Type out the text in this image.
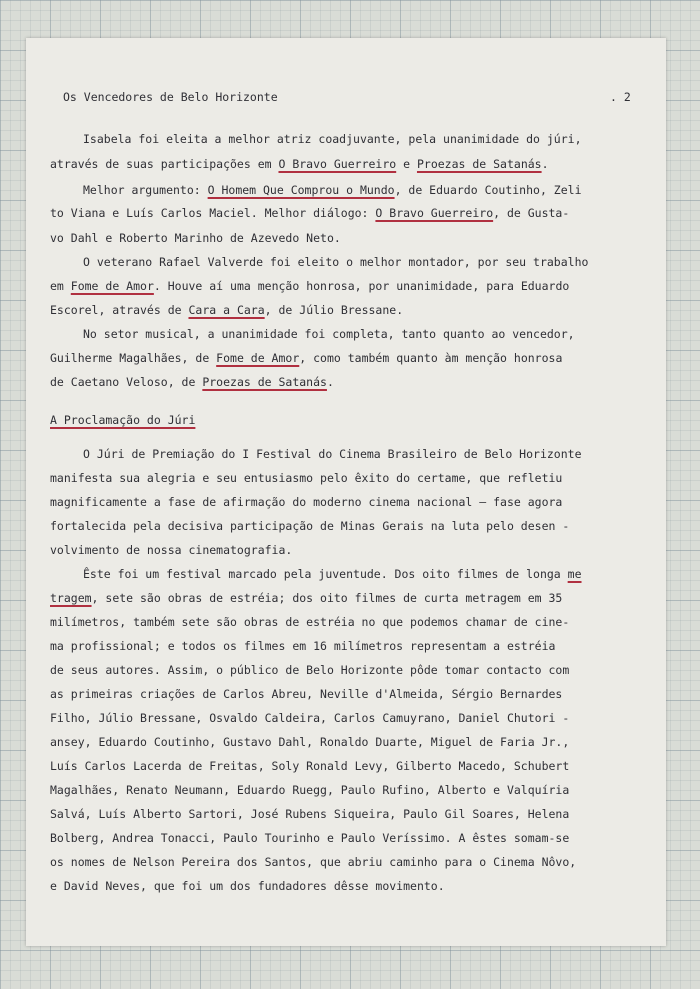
Os Vencedores de Belo Horizonte	. 2
Isabela foi eleita a melhor atriz coadjuvante, pela unanimidade do júri,
através de suas participações em O Bravo Guerreiro e Proezas de Satanás.
Melhor argumento: O Homem Que Comprou o Mundo, de Eduardo Coutinho, Zeli
to Viana e Luís Carlos Maciel. Melhor diálogo: O Bravo Guerreiro, de Gusta-
vo Dahl e Roberto Marinho de Azevedo Neto.
O veterano Rafael Valverde foi eleito o melhor montador, por seu trabalho
em Fome de Amor. Houve aí uma menção honrosa, por unanimidade, para Eduardo
Escorel, através de Cara a Cara, de Júlio Bressane.
No setor musical, a unanimidade foi completa, tanto quanto ao vencedor,
Guilherme Magalhães, de Fome de Amor, como também quanto àm menção honrosa
de Caetano Veloso, de Proezas de Satanás.
A Proclamação do Júri
O Júri de Premiação do I Festival do Cinema Brasileiro de Belo Horizonte
manifesta sua alegria e seu entusiasmo pelo êxito do certame, que refletiu
magnificamente a fase de afirmação do moderno cinema nacional — fase agora
fortalecida pela decisiva participação de Minas Gerais na luta pelo desen -
volvimento de nossa cinematografia.
Êste foi um festival marcado pela juventude. Dos oito filmes de longa me
tragem, sete são obras de estréia; dos oito filmes de curta metragem em 35
milímetros, também sete são obras de estréia no que podemos chamar de cine-
ma profissional; e todos os filmes em 16 milímetros representam a estréia
de seus autores. Assim, o público de Belo Horizonte pôde tomar contacto com
as primeiras criações de Carlos Abreu, Neville d'Almeida, Sérgio Bernardes
Filho, Júlio Bressane, Osvaldo Caldeira, Carlos Camuyrano, Daniel Chutori -
ansey, Eduardo Coutinho, Gustavo Dahl, Ronaldo Duarte, Miguel de Faria Jr.,
Luís Carlos Lacerda de Freitas, Soly Ronald Levy, Gilberto Macedo, Schubert
Magalhães, Renato Neumann, Eduardo Ruegg, Paulo Rufino, Alberto e Valquíria
Salvá, Luís Alberto Sartori, José Rubens Siqueira, Paulo Gil Soares, Helena
Bolberg, Andrea Tonacci, Paulo Tourinho e Paulo Veríssimo. A êstes somam-se
os nomes de Nelson Pereira dos Santos, que abriu caminho para o Cinema Nôvo,
e David Neves, que foi um dos fundadores dêsse movimento.
